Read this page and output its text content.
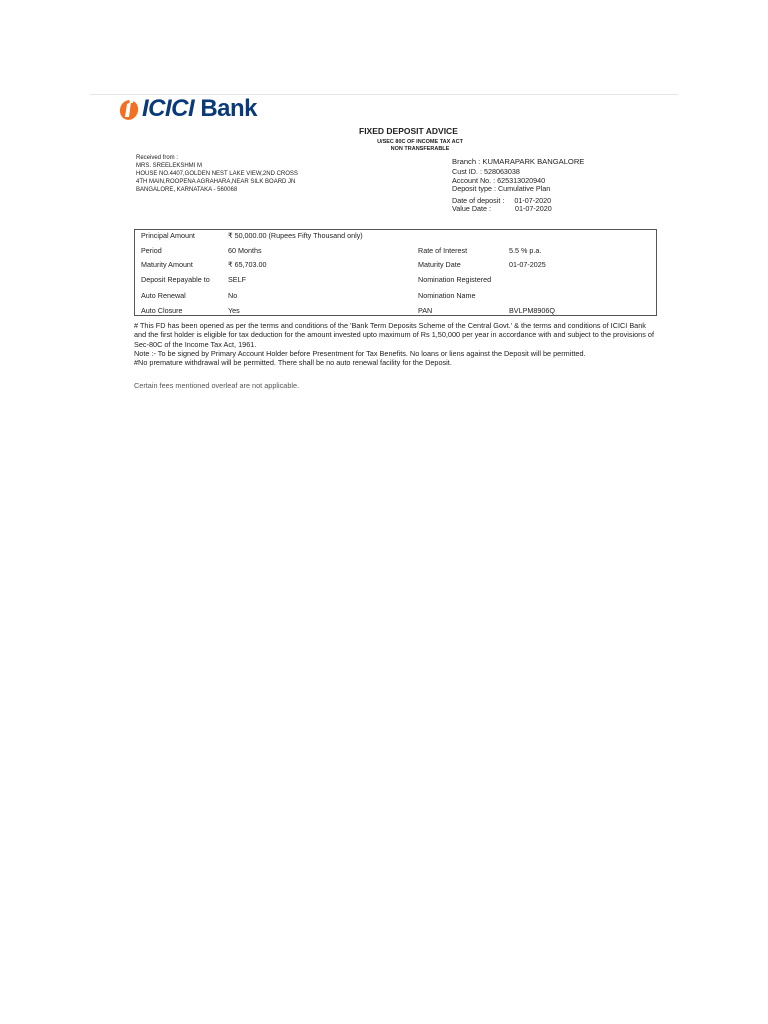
ICICI Bank
FIXED DEPOSIT ADVICE
U/SEC 80C OF INCOME TAX ACT
NON TRANSFERABLE
Received from :
MRS. SREELEKSHMI M
HOUSE NO.4407,GOLDEN NEST LAKE VIEW,2ND CROSS
4TH MAIN,ROOPENA AGRAHARA,NEAR SILK BOARD JN
BANGALORE, KARNATAKA - 560068
Branch : KUMARAPARK BANGALORE
Cust ID. : 528063038
Account No. : 625313020940
Deposit type : Cumulative Plan
Date of deposit : 01-07-2020
Value Date :	01-07-2020
Principal Amount	₹ 50,000.00 (Rupees Fifty Thousand only)
Period	60 Months	Rate of Interest	5.5 % p.a.
Maturity Amount	₹ 65,703.00	Maturity Date	01-07-2025
Deposit Repayable to	SELF	Nomination Registered
Auto Renewal	No	Nomination Name
Auto Closure	Yes	PAN	BVLPM8906Q

# This FD has been opened as per the terms and conditions of the 'Bank Term Deposits Scheme of the Central Govt.' & the terms and conditions of ICICI Bank and the first holder is eligible for tax deduction for the amount invested upto maximum of Rs 1,50,000 per year in accordance with and subject to the provisions of Sec-80C of the Income Tax Act, 1961.

Note :- To be signed by Primary Account Holder before Presentment for Tax Benefits. No loans or liens against the Deposit will be permitted.

#No premature withdrawal will be permitted. There shall be no auto renewal facility for the Deposit.

Certain fees mentioned overleaf are not applicable.
